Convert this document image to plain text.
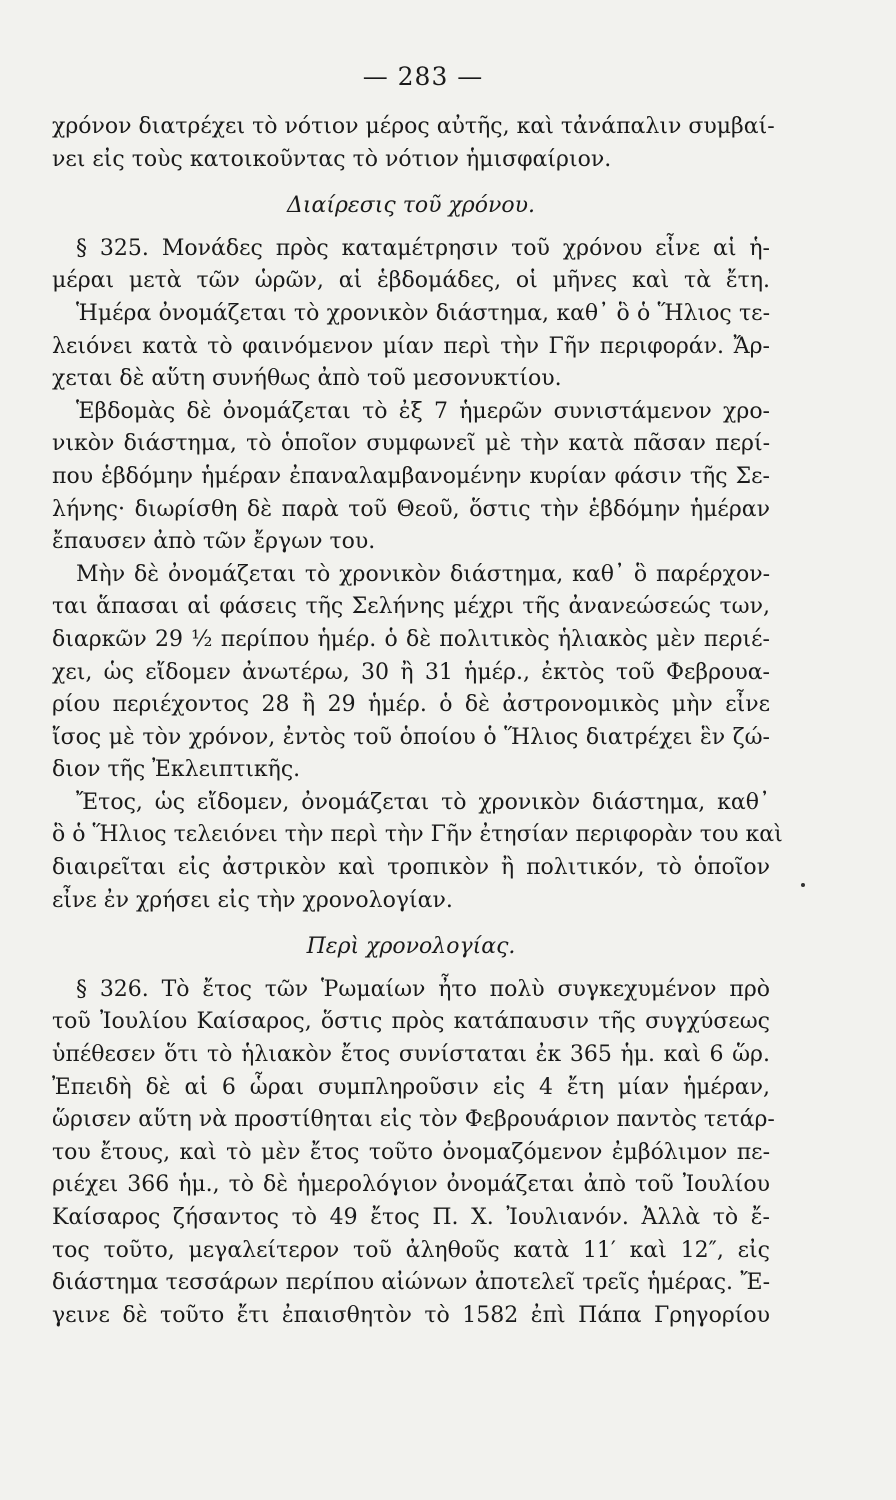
— 283 —
χρόνον διατρέχει τὸ νότιον μέρος αὐτῆς, καὶ τἀνάπαλιν συμβαί-
νει εἰς τοὺς κατοικοῦντας τὸ νότιον ἡμισφαίριον.
Διαίρεσις τοῦ χρόνου.
§ 325. Μονάδες πρὸς καταμέτρησιν τοῦ χρόνου εἶνε αἱ ἡ-
μέραι μετὰ τῶν ὡρῶν, αἱ ἑβδομάδες, οἱ μῆνες καὶ τὰ ἔτη.
Ἡμέρα ὀνομάζεται τὸ χρονικὸν διάστημα, καθ᾽ ὃ ὁ Ἥλιος τε-
λειόνει κατὰ τὸ φαινόμενον μίαν περὶ τὴν Γῆν περιφοράν. Ἄρ-
χεται δὲ αὕτη συνήθως ἀπὸ τοῦ μεσονυκτίου.
Ἑβδομὰς δὲ ὀνομάζεται τὸ ἐξ 7 ἡμερῶν συνιστάμενον χρο-
νικὸν διάστημα, τὸ ὁποῖον συμφωνεῖ μὲ τὴν κατὰ πᾶσαν περί-
που ἑβδόμην ἡμέραν ἐπαναλαμβανομένην κυρίαν φάσιν τῆς Σε-
λήνης· διωρίσθη δὲ παρὰ τοῦ Θεοῦ, ὅστις τὴν ἑβδόμην ἡμέραν
ἔπαυσεν ἀπὸ τῶν ἔργων του.
Μὴν δὲ ὀνομάζεται τὸ χρονικὸν διάστημα, καθ᾽ ὃ παρέρχον-
ται ἅπασαι αἱ φάσεις τῆς Σελήνης μέχρι τῆς ἀνανεώσεώς των,
διαρκῶν 29 ½ περίπου ἡμέρ. ὁ δὲ πολιτικὸς ἡλιακὸς μὲν περιέ-
χει, ὡς εἴδομεν ἀνωτέρω, 30 ἢ 31 ἡμέρ., ἐκτὸς τοῦ Φεβρουα-
ρίου περιέχοντος 28 ἢ 29 ἡμέρ. ὁ δὲ ἀστρονομικὸς μὴν εἶνε
ἴσος μὲ τὸν χρόνον, ἐντὸς τοῦ ὁποίου ὁ Ἥλιος διατρέχει ἓν ζώ-
διον τῆς Ἐκλειπτικῆς.
Ἔτος, ὡς εἴδομεν, ὀνομάζεται τὸ χρονικὸν διάστημα, καθ᾽
ὃ ὁ Ἥλιος τελειόνει τὴν περὶ τὴν Γῆν ἐτησίαν περιφορὰν του καὶ
διαιρεῖται εἰς ἀστρικὸν καὶ τροπικὸν ἢ πολιτικόν, τὸ ὁποῖον
εἶνε ἐν χρήσει εἰς τὴν χρονολογίαν.
Περὶ χρονολογίας.
§ 326. Τὸ ἔτος τῶν Ῥωμαίων ἦτο πολὺ συγκεχυμένον πρὸ
τοῦ Ἰουλίου Καίσαρος, ὅστις πρὸς κατάπαυσιν τῆς συγχύσεως
ὑπέθεσεν ὅτι τὸ ἡλιακὸν ἔτος συνίσταται ἐκ 365 ἡμ. καὶ 6 ὥρ.
Ἐπειδὴ δὲ αἱ 6 ὧραι συμπληροῦσιν εἰς 4 ἔτη μίαν ἡμέραν,
ὥρισεν αὕτη νὰ προστίθηται εἰς τὸν Φεβρουάριον παντὸς τετάρ-
του ἔτους, καὶ τὸ μὲν ἔτος τοῦτο ὀνομαζόμενον ἐμβόλιμον πε-
ριέχει 366 ἡμ., τὸ δὲ ἡμερολόγιον ὀνομάζεται ἀπὸ τοῦ Ἰουλίου
Καίσαρος ζήσαντος τὸ 49 ἔτος Π. Χ. Ἰουλιανόν. Ἀλλὰ τὸ ἔ-
τος τοῦτο, μεγαλείτερον τοῦ ἀληθοῦς κατὰ 11′ καὶ 12″, εἰς
διάστημα τεσσάρων περίπου αἰώνων ἀποτελεῖ τρεῖς ἡμέρας. Ἔ-
γεινε δὲ τοῦτο ἔτι ἐπαισθητὸν τὸ 1582 ἐπὶ Πάπα Γρηγορίου
